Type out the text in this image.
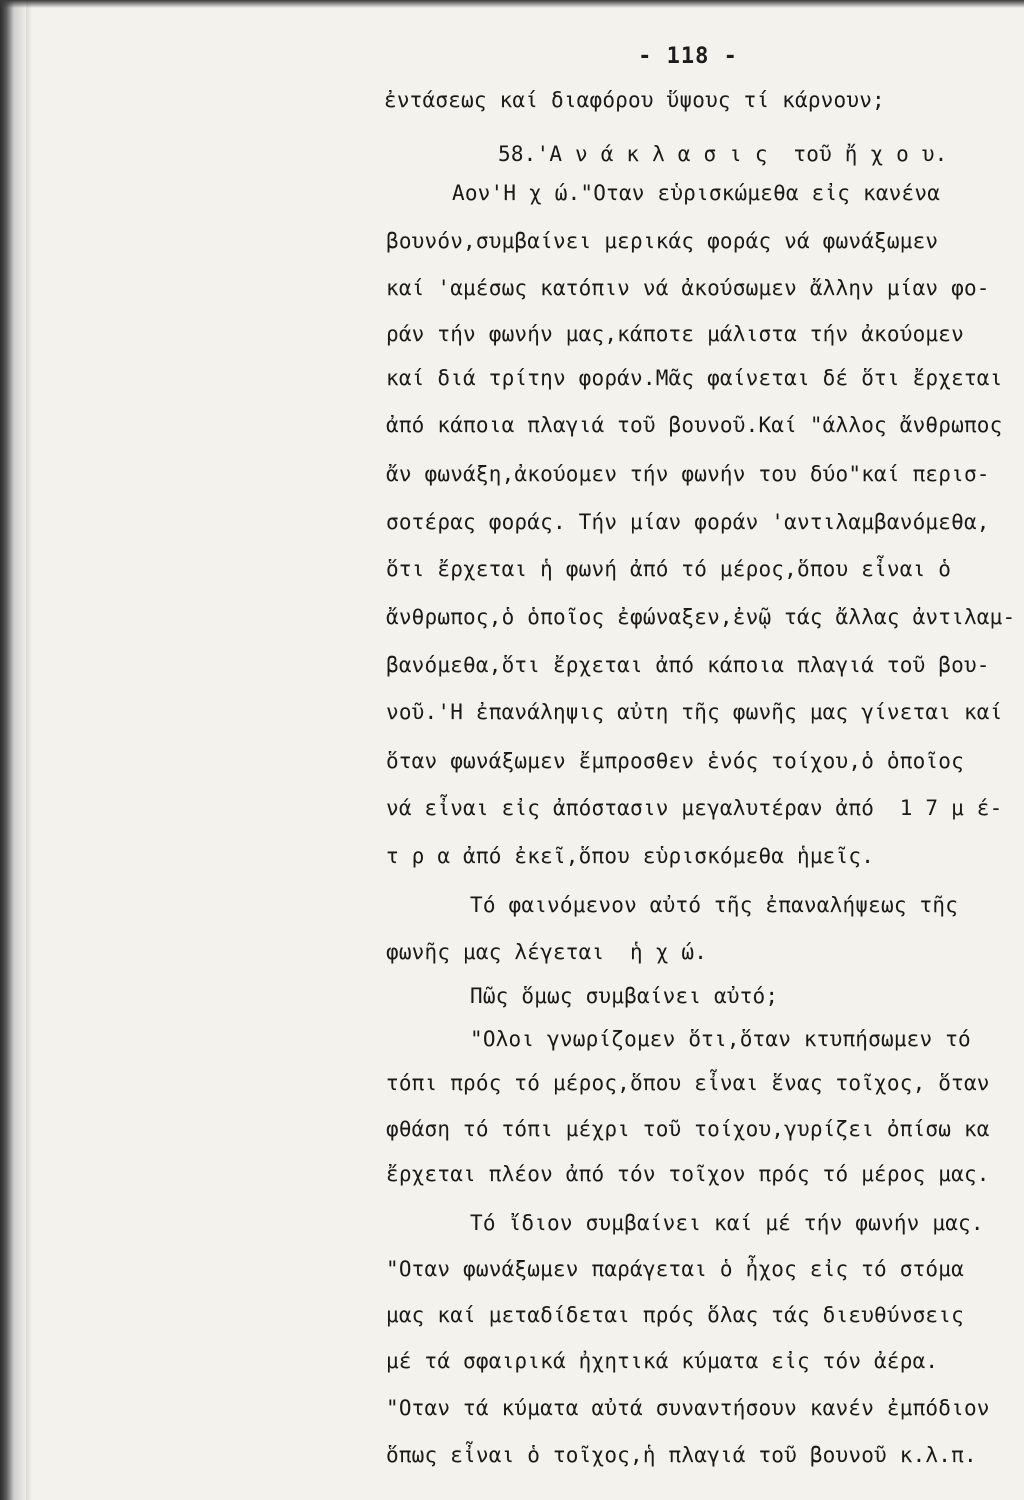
- 118 -
ἐντάσεως καί διαφόρου ὕψους τί κάρνουν;
58.'Α ν ά κ λ α σ ι ς  τοῦ ἤ χ ο υ.
Αον'Η χ ώ."Οταν εὑρισκώμεθα εἰς κανένα
βουνόν,συμβαίνει μερικάς φοράς νά φωνάξωμεν
καί 'αμέσως κατόπιν νά ἀκούσωμεν ἄλλην μίαν φο-
ράν τήν φωνήν μας,κάποτε μάλιστα τήν ἀκούομεν
καί διά τρίτην φοράν.Μᾶς φαίνεται δέ ὅτι ἔρχεται
ἀπό κάποια πλαγιά τοῦ βουνοῦ.Καί "άλλος ἄνθρωπος
ἄν φωνάξη,ἀκούομεν τήν φωνήν του δύο"καί περισ-
σοτέρας φοράς. Τήν μίαν φοράν 'αντιλαμβανόμεθα,
ὅτι ἔρχεται ἡ φωνή ἀπό τό μέρος,ὅπου εἶναι ὁ
ἄνθρωπος,ὁ ὁποῖος ἐφώναξεν,ἐνῷ τάς ἄλλας ἀντιλαμ-
βανόμεθα,ὅτι ἔρχεται ἀπό κάποια πλαγιά τοῦ βου-
νοῦ.'Η ἐπανάληψις αὐτη τῆς φωνῆς μας γίνεται καί
ὅταν φωνάξωμεν ἔμπροσθεν ἑνός τοίχου,ὁ ὁποῖος
νά εἶναι εἰς ἀπόστασιν μεγαλυτέραν ἀπό  1 7 μ έ-
τ ρ α ἀπό ἐκεῖ,ὅπου εὑρισκόμεθα ἡμεῖς.
Τό φαινόμενον αὐτό τῆς ἐπαναλήψεως τῆς
φωνῆς μας λέγεται  ἡ χ ώ.
Πῶς ὅμως συμβαίνει αὐτό;
"Ολοι γνωρίζομεν ὅτι,ὅταν κτυπήσωμεν τό
τόπι πρός τό μέρος,ὅπου εἶναι ἕνας τοῖχος, ὅταν
φθάση τό τόπι μέχρι τοῦ τοίχου,γυρίζει ὀπίσω κα
ἔρχεται πλέον ἀπό τόν τοῖχον πρός τό μέρος μας.
Τό ἴδιον συμβαίνει καί μέ τήν φωνήν μας.
"Οταν φωνάξωμεν παράγεται ὁ ἦχος εἰς τό στόμα
μας καί μεταδίδεται πρός ὅλας τάς διευθύνσεις
μέ τά σφαιρικά ἠχητικά κύματα εἰς τόν ἀέρα.
"Οταν τά κύματα αὐτά συναντήσουν κανέν ἐμπόδιον
ὅπως εἶναι ὁ τοῖχος,ἡ πλαγιά τοῦ βουνοῦ κ.λ.π.
